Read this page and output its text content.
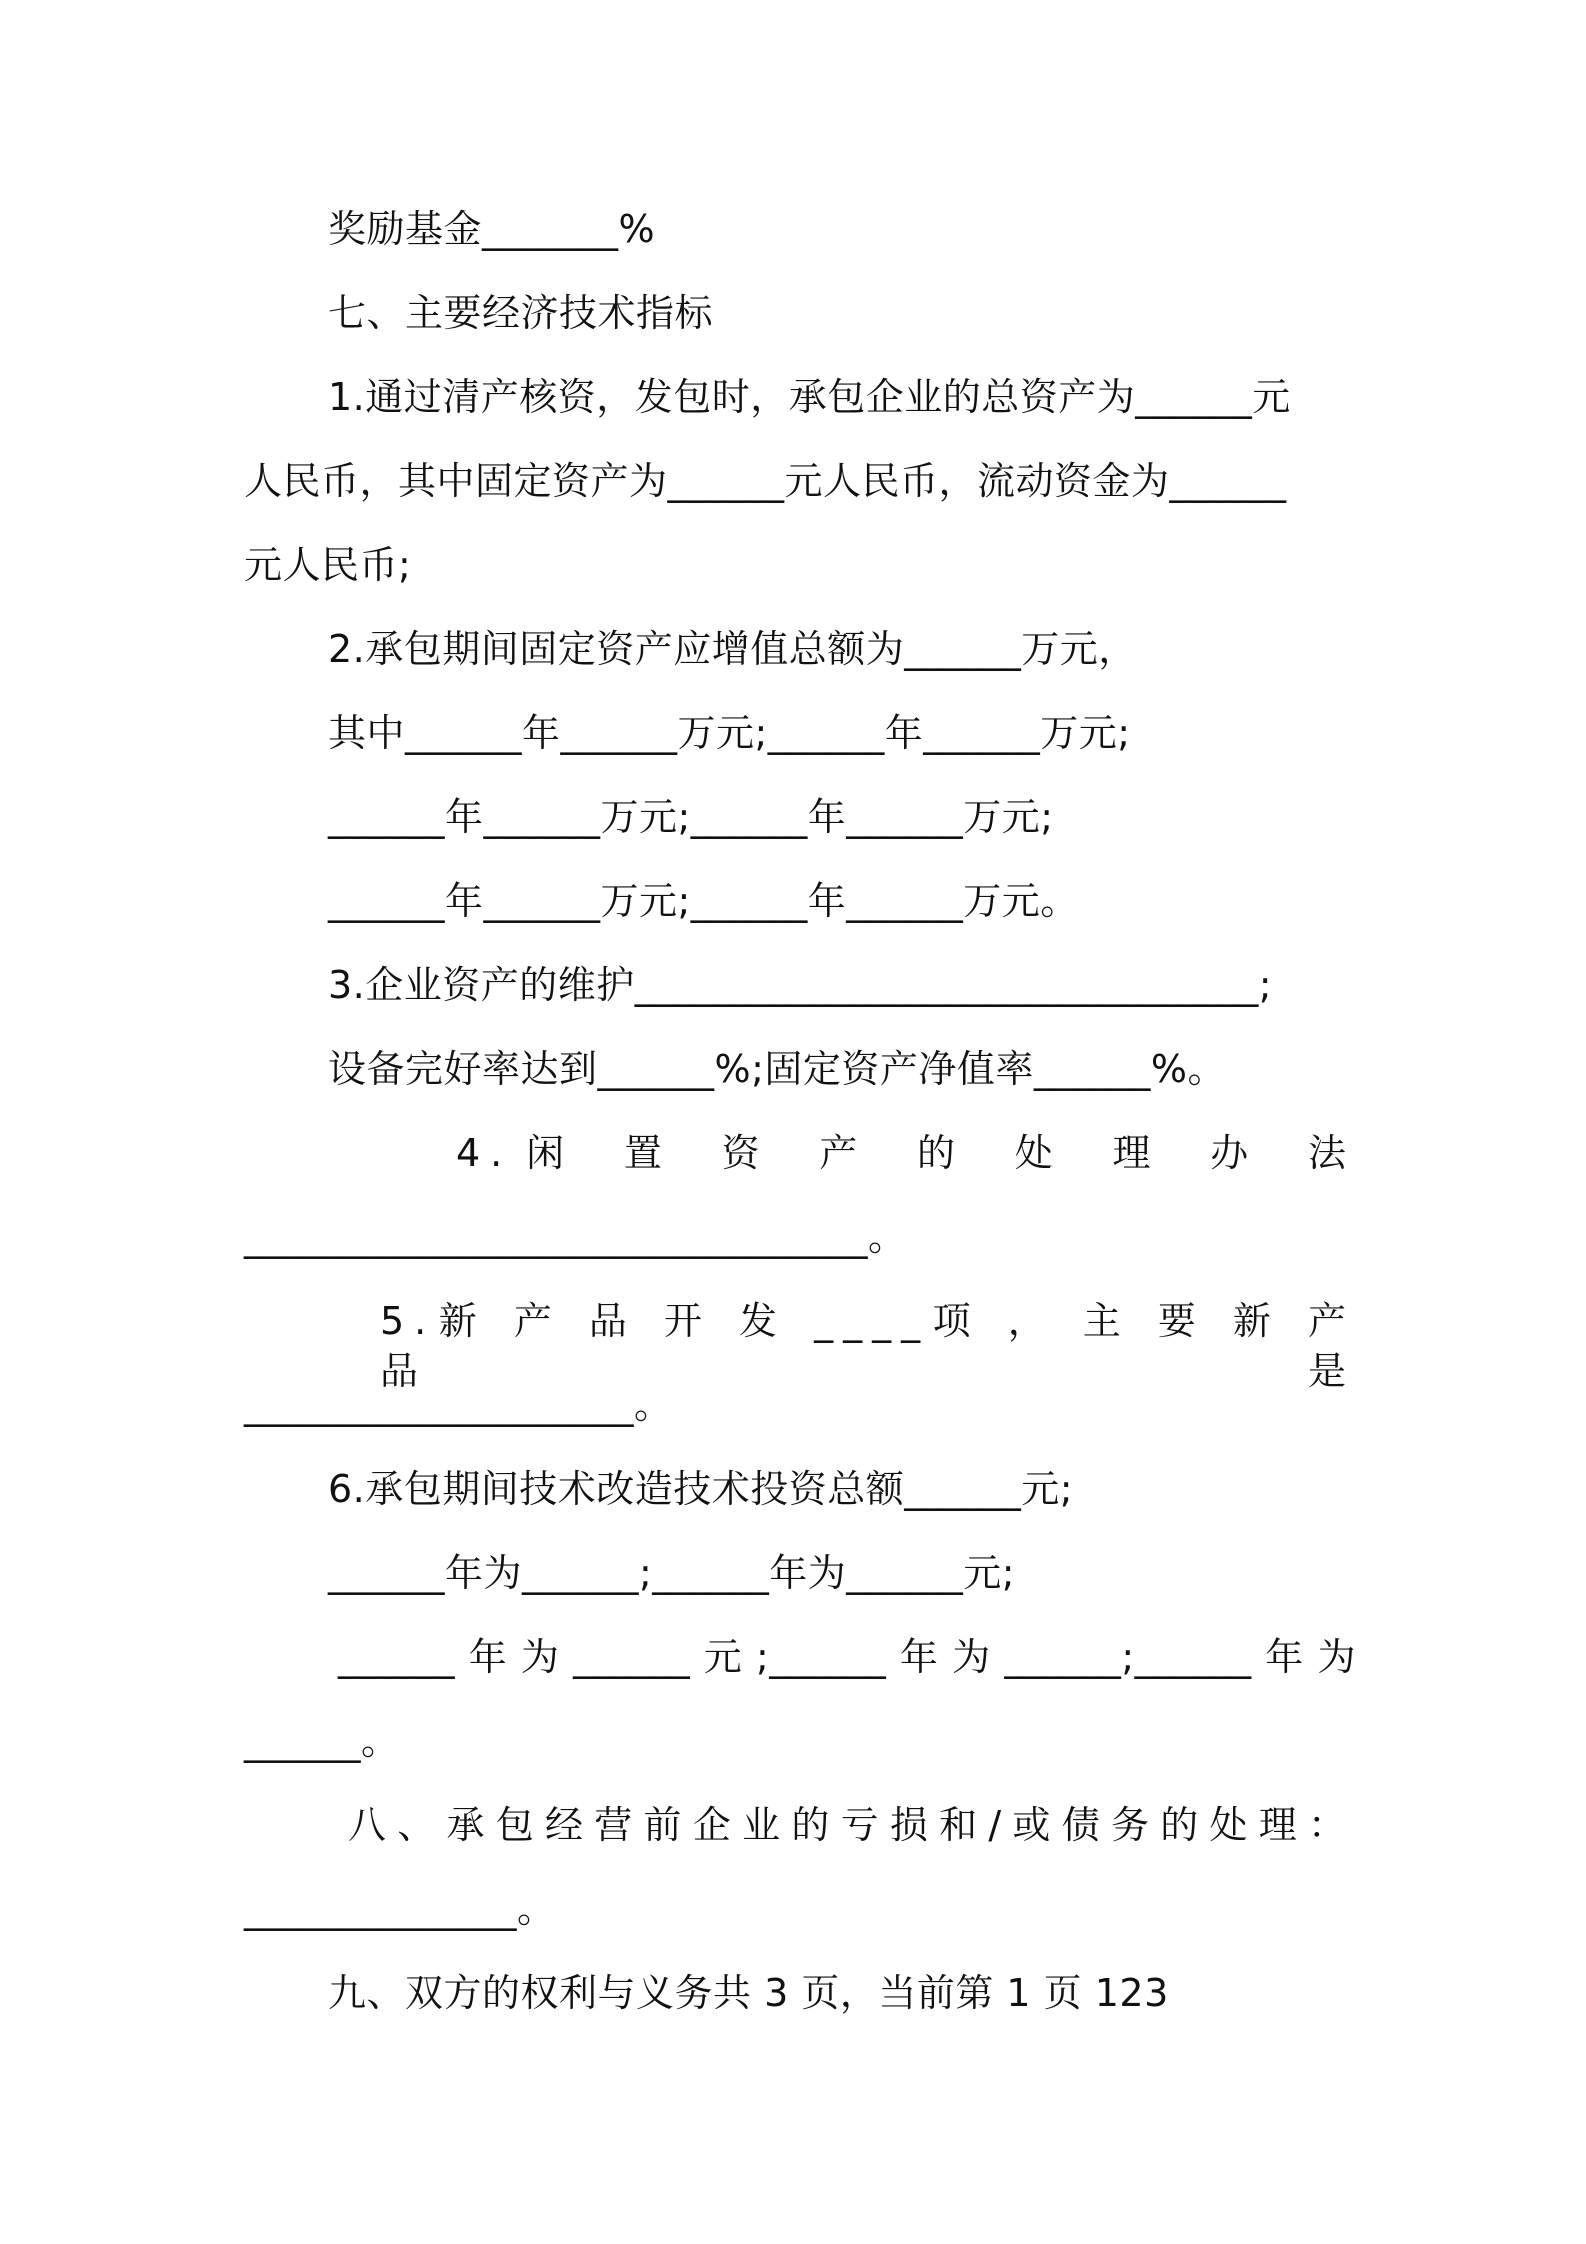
奖励基金_______%
七、主要经济技术指标
1.通过清产核资，发包时，承包企业的总资产为______元
人民币，其中固定资产为______元人民币，流动资金为______
元人民币;
2.承包期间固定资产应增值总额为______万元，
其中______年______万元;______年______万元;
______年______万元;______年______万元;
______年______万元;______年______万元。
3.企业资产的维护________________________________;
设备完好率达到______%;固定资产净值率______%。
4.闲 置 资 产 的 处 理 办 法
________________________________。
5.新 产 品 开 发 ____项 ， 主 要 新 产 品 是
____________________。
6.承包期间技术改造技术投资总额______元;
______年为______;______年为______元;
______年为______元;______年为______;______年为
______。
八、承包经营前企业的亏损和/或债务的处理：
______________。
九、双方的权利与义务共 3 页，当前第 1 页 123
